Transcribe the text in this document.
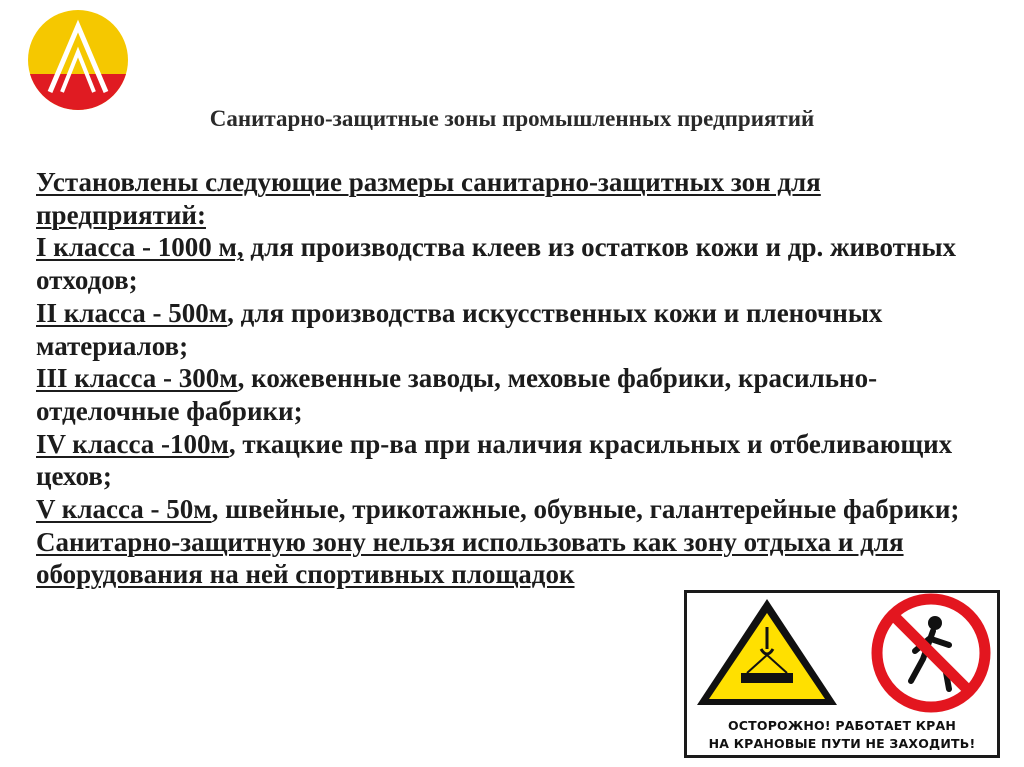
Санитарно-защитные зоны промышленных предприятий

Установлены следующие размеры санитарно-защитных зон для предприятий:

I класса - 1000 м, для производства клеев из остатков кожи и др. животных отходов;

II класса - 500м, для производства искусственных кожи и пленочных материалов;

III класса - 300м, кожевенные заводы, меховые фабрики, красильно-отделочные фабрики;

IV класса -100м, ткацкие пр-ва при наличия красильных и отбеливающих цехов;

V класса - 50м, швейные, трикотажные, обувные, галантерейные фабрики;

Санитарно-защитную зону нельзя использовать как зону отдыха и для оборудования на ней спортивных площадок

ОСТОРОЖНО! РАБОТАЕТ КРАН
НА КРАНОВЫЕ ПУТИ НЕ ЗАХОДИТЬ!
